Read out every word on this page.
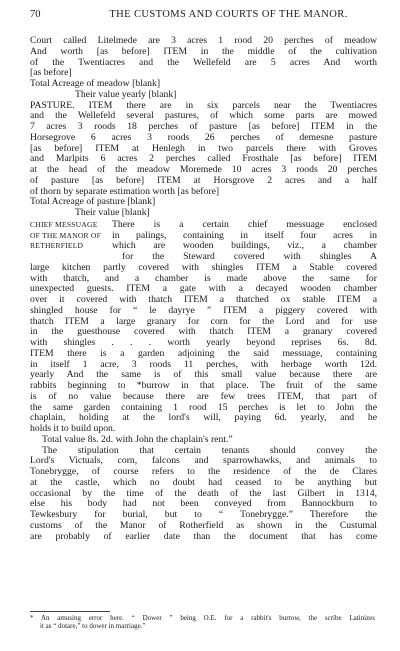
70	THE CUSTOMS AND COURTS OF THE MANOR.
Court called Litelmede are 3 acres 1 rood 20 perches of meadow
And worth [as before] ITEM in the middle of the cultivation
of the Twentiacres and the Wellefeld are 5 acres And worth
[as before]
Total Acreage of meadow [blank]
Their value yearly [blank]
PASTURE. ITEM there are in six parcels near the Twentiacres
and the Wellefeld several pastures, of which some parts are mowed
7 acres 3 roods 18 perches of pasture [as before] ITEM in the
Horsegrove 6 acres 3 roods 26 perches of demesne pasture
[as before] ITEM at Henlegh in two parcels there with Groves
and Marlpits 6 acres 2 perches called Frosthale [as before] ITEM
at the head of the meadow Moremede 10 acres 3 roods 20 perches
of pasture [as before] ITEM at Horsgrove 2 acres and a half
of thorn by separate estimation worth [as before]
Total Acreage of pasture [blank]
Their value [blank]
CHIEF MESSUAGE
OF THE MANOR OF
RETHERFIELD
There is a certain chief messuage enclosed
in palings, containing in itself four acres in
which are wooden buildings, viz., a chamber
for the Steward covered with shingles A
large kitchen partly covered with shingles ITEM a Stable covered
with thatch, and a chamber is made above the same for
unexpected guests. ITEM a gate with a decayed wooden chamber
over it covered with thatch ITEM a thatched ox stable ITEM a
shingled house for “ le dayrye ” ITEM a piggery covered with
thatch ITEM a large granary for corn for the Lord and for use
in the guesthouse covered with thatch ITEM a granary covered
with shingles . . . worth yearly beyond reprises 6s. 8d.
ITEM there is a garden adjoining the said messuage, containing
in itself 1 acre, 3 roods 11 perches, with herbage worth 12d.
yearly And the same is of this small value because there are
rabbits beginning to *burrow in that place. The fruit of the same
is of no value because there are few trees ITEM, that part of
the same garden containing 1 rood 15 perches is let to John the
chaplain, holding at the lord's will, paying 6d. yearly, and he
holds it to build upon.
Total value 8s. 2d. with John the chaplain's rent.”
The stipulation that certain tenants should convey the
Lord's Victuals, corn, falcons and sparrowhawks, and animals to
Tonebrygge, of course refers to the residence of the de Clares
at the castle, which no doubt had ceased to be anything but
occasional by the time of the death of the last Gilbert in 1314,
else his body had not been conveyed from Bannockburn to
Tewkesbury for burial, but to “ Tonebrygge.” Therefore the
customs of the Manor of Rotherfield as shown in the Custumal
are probably of earlier date than the document that has come
* An amusing error here. “ Dower ” being O.E. for a rabbit's burrow, the scribe Latinizes
it as “ dotare,” to dower in marriage.”
